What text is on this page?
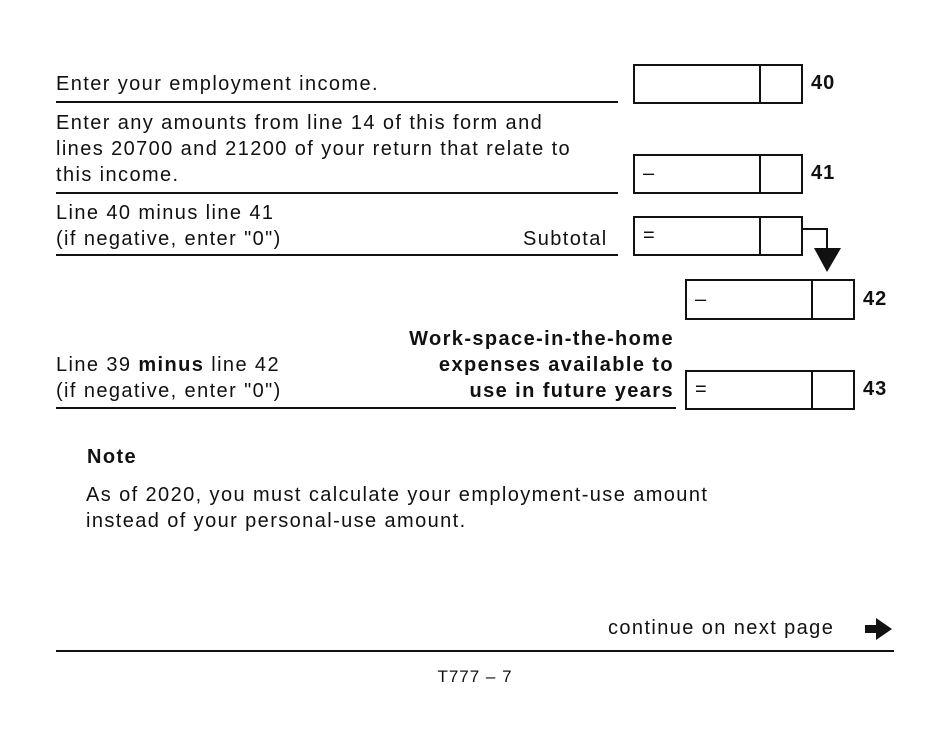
Enter your employment income.	40
Enter any amounts from line 14 of this form and
lines 20700 and 21200 of your return that relate to
this income.	–	41
Line 40 minus line 41
(if negative, enter "0")	Subtotal =
–	42
Line 39 minus line 42
(if negative, enter "0")
Work-space-in-the-home
expenses available to
use in future years =	43
Note
As of 2020, you must calculate your employment-use amount
instead of your personal-use amount.
continue on next page
T777 – 7
